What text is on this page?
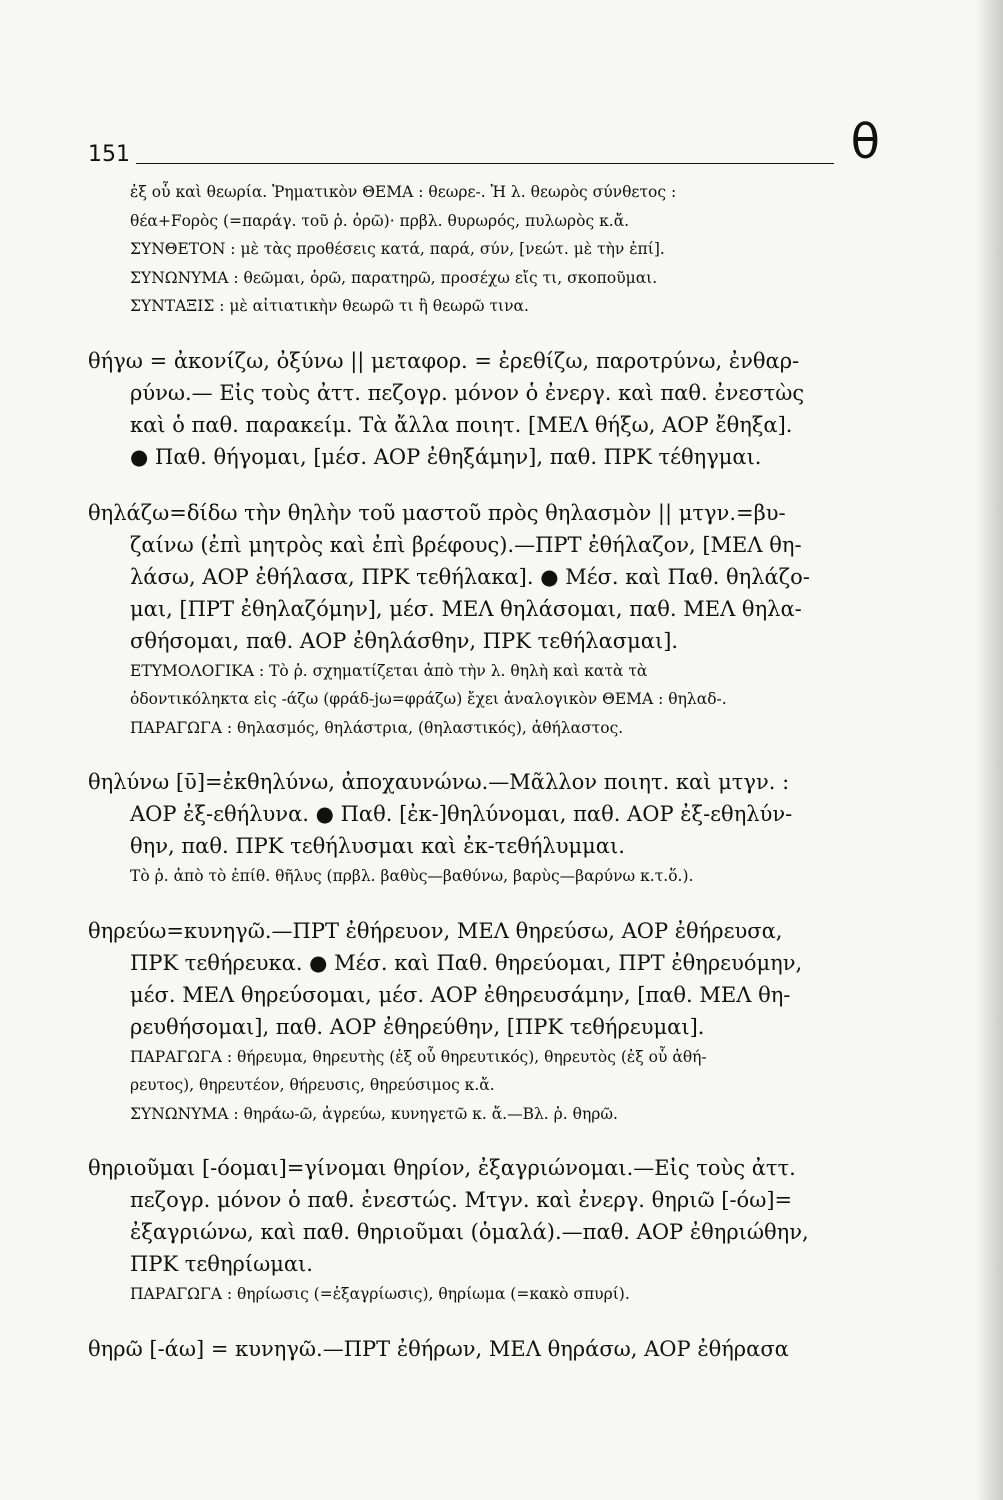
151	θ
ἐξ οὗ καὶ θεωρία. Ῥηματικὸν ΘΕΜΑ : θεωρε-. Ἡ λ. θεωρὸς σύνθετος :
θέα+Fορὸς (=παράγ. τοῦ ῥ. ὁρῶ)· πρβλ. θυρωρός, πυλωρὸς κ.ἄ.
ΣΥΝΘΕΤΟΝ : μὲ τὰς προθέσεις κατά, παρά, σύν, [νεώτ. μὲ τὴν ἐπί].
ΣΥΝΩΝΥΜΑ : θεῶμαι, ὁρῶ, παρατηρῶ, προσέχω εἴς τι, σκοποῦμαι.
ΣΥΝΤΑΞΙΣ : μὲ αἰτιατικὴν θεωρῶ τι ἢ θεωρῶ τινα.
θήγω = ἀκονίζω, ὀξύνω || μεταφορ. = ἐρεθίζω, παροτρύνω, ἐνθαρ-
ρύνω.— Εἰς τοὺς ἀττ. πεζογρ. μόνον ὁ ἐνεργ. καὶ παθ. ἐνεστὼς
καὶ ὁ παθ. παρακείμ. Τὰ ἄλλα ποιητ. [ΜΕΛ θήξω, ΑΟΡ ἔθηξα].
● Παθ. θήγομαι, [μέσ. ΑΟΡ ἐθηξάμην], παθ. ΠΡΚ τέθηγμαι.
θηλάζω=δίδω τὴν θηλὴν τοῦ μαστοῦ πρὸς θηλασμὸν || μτγν.=βυ-
ζαίνω (ἐπὶ μητρὸς καὶ ἐπὶ βρέφους).—ΠΡΤ ἐθήλαζον, [ΜΕΛ θη-
λάσω, ΑΟΡ ἐθήλασα, ΠΡΚ τεθήλακα]. ● Μέσ. καὶ Παθ. θηλάζο-
μαι, [ΠΡΤ ἐθηλαζόμην], μέσ. ΜΕΛ θηλάσομαι, παθ. ΜΕΛ θηλα-
σθήσομαι, παθ. ΑΟΡ ἐθηλάσθην, ΠΡΚ τεθήλασμαι].
ΕΤΥΜΟΛΟΓΙΚΑ : Τὸ ῥ. σχηματίζεται ἀπὸ τὴν λ. θηλὴ καὶ κατὰ τὰ
ὀδοντικόληκτα εἰς -άζω (φράδ-jω=φράζω) ἔχει ἀναλογικὸν ΘΕΜΑ : θηλαδ-.
ΠΑΡΑΓΩΓΑ : θηλασμός, θηλάστρια, (θηλαστικός), ἀθήλαστος.
θηλύνω [ῡ]=ἐκθηλύνω, ἀποχαυνώνω.—Μᾶλλον ποιητ. καὶ μτγν. :
ΑΟΡ ἐξ-εθήλυνα. ● Παθ. [ἐκ-]θηλύνομαι, παθ. ΑΟΡ ἐξ-εθηλύν-
θην, παθ. ΠΡΚ τεθήλυσμαι καὶ ἐκ-τεθήλυμμαι.
Τὸ ῥ. ἀπὸ τὸ ἐπίθ. θῆλυς (πρβλ. βαθὺς—βαθύνω, βαρὺς—βαρύνω κ.τ.ὅ.).
θηρεύω=κυνηγῶ.—ΠΡΤ ἐθήρευον, ΜΕΛ θηρεύσω, ΑΟΡ ἐθήρευσα,
ΠΡΚ τεθήρευκα. ● Μέσ. καὶ Παθ. θηρεύομαι, ΠΡΤ ἐθηρευόμην,
μέσ. ΜΕΛ θηρεύσομαι, μέσ. ΑΟΡ ἐθηρευσάμην, [παθ. ΜΕΛ θη-
ρευθήσομαι], παθ. ΑΟΡ ἐθηρεύθην, [ΠΡΚ τεθήρευμαι].
ΠΑΡΑΓΩΓΑ : θήρευμα, θηρευτὴς (ἐξ οὗ θηρευτικός), θηρευτὸς (ἐξ οὗ ἀθή-
ρευτος), θηρευτέον, θήρευσις, θηρεύσιμος κ.ἄ.
ΣΥΝΩΝΥΜΑ : θηράω-ῶ, ἀγρεύω, κυνηγετῶ κ. ἄ.—Βλ. ῥ. θηρῶ.
θηριοῦμαι [-όομαι]=γίνομαι θηρίον, ἐξαγριώνομαι.—Εἰς τοὺς ἀττ.
πεζογρ. μόνον ὁ παθ. ἐνεστώς. Μτγν. καὶ ἐνεργ. θηριῶ [-όω]=
ἐξαγριώνω, καὶ παθ. θηριοῦμαι (ὁμαλά).—παθ. ΑΟΡ ἐθηριώθην,
ΠΡΚ τεθηρίωμαι.
ΠΑΡΑΓΩΓΑ : θηρίωσις (=ἐξαγρίωσις), θηρίωμα (=κακὸ σπυρί).
θηρῶ [-άω] = κυνηγῶ.—ΠΡΤ ἐθήρων, ΜΕΛ θηράσω, ΑΟΡ ἐθήρασα
